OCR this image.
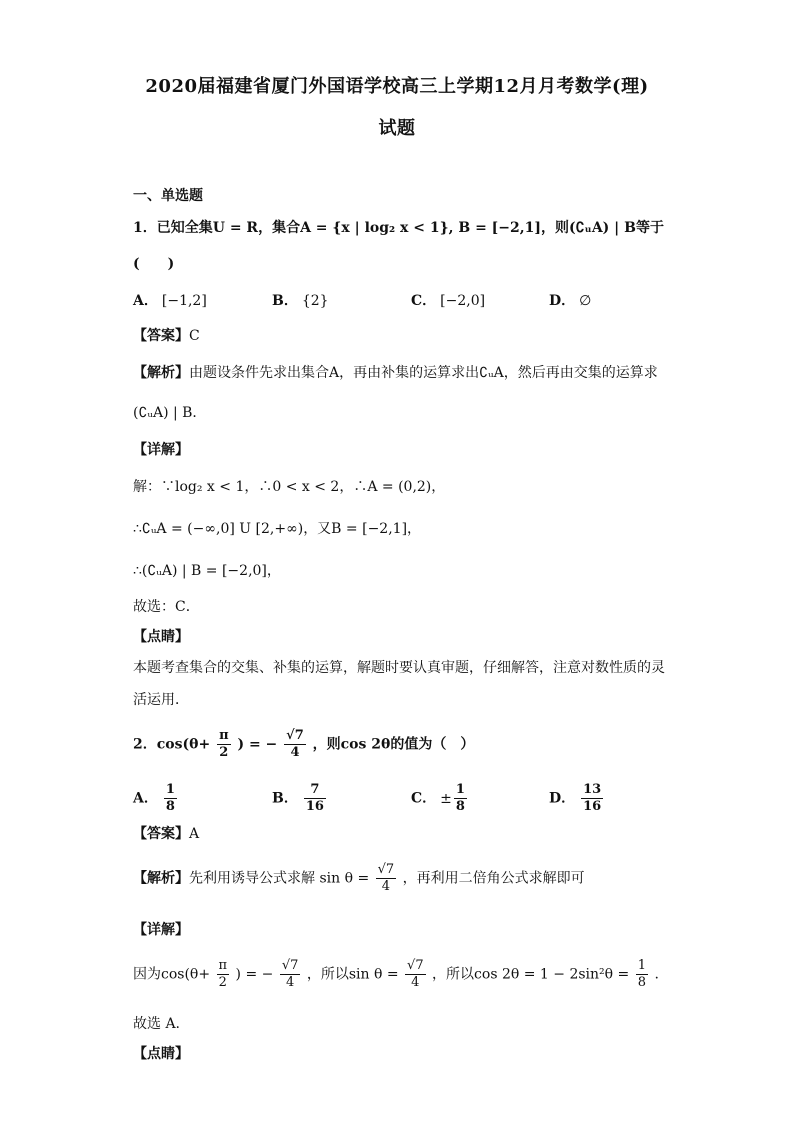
2020届福建省厦门外国语学校高三上学期12月月考数学(理)
试题
一、单选题
1．已知全集U = R，集合A = {x | log₂ x < 1}, B = [−2,1]，则(∁ᵤA) | B等于
(　　)
A． [−1,2]	B． {2}	C． [−2,0]	D． ∅
【答案】C
【解析】由题设条件先求出集合A，再由补集的运算求出∁ᵤA，然后再由交集的运算求
(∁ᵤA) | B．
【详解】
解：∵log₂ x < 1，∴0 < x < 2，∴A = (0,2)，
∴∁ᵤA = (−∞,0] U [2,+∞)，又B = [−2,1]，
∴(∁ᵤA) | B = [−2,0]，
故选：C．
【点睛】
本题考查集合的交集、补集的运算，解题时要认真审题，仔细解答，注意对数性质的灵
活运用．
2．$\cos(\theta+ \frac{\pi}{2}$ ) = − $\frac{√7}{4}$ ，则cos 2θ的值为（　）
A． $\frac{1}{8}$	B． $\frac{7}{16}$	C． ± $\frac{1}{8}$	D． $\frac{13}{16}$
【答案】A
【解析】先利用诱导公式求解 $\sin \theta = \frac{√7}{4}$ ，再利用二倍角公式求解即可
【详解】
因为$\cos(\theta+ \frac{\pi}{2}$ ) = − $\frac{√7}{4}$ ，所以$\sin \theta = \frac{√7}{4}$ ，所以$\cos 2\theta = 1 - 2\sin^2\theta = \frac{1}{8}$ .
故选 A.
【点睛】
